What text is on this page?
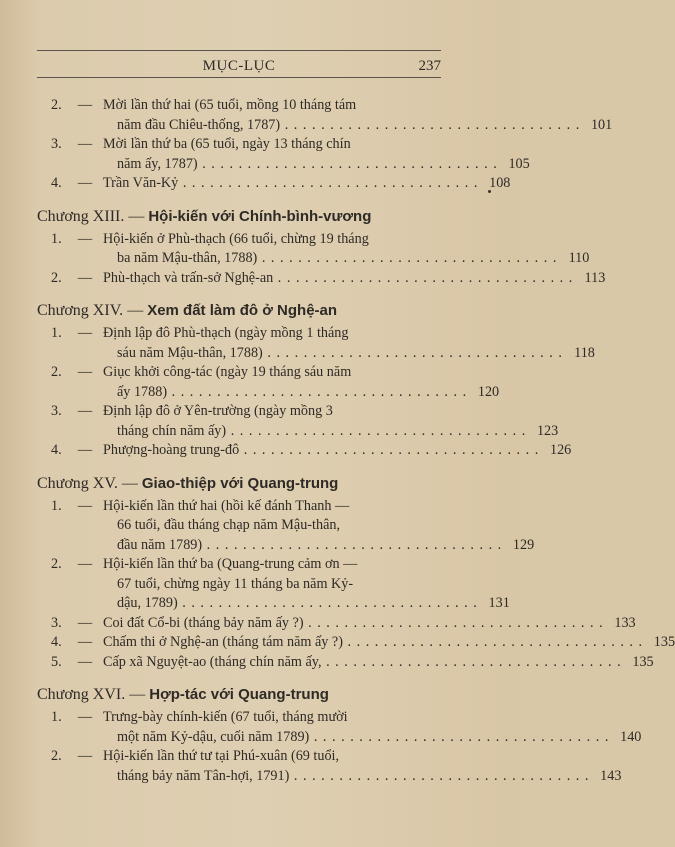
MỤC-LỤC	237
2.	— Mời lần thứ hai (65 tuổi, mồng 10 tháng tám
năm đầu Chiêu-thống, 1787) . . . . . . . . . . . . . . . . . . . . . . . . . . . . . . . . . 101
3.	— Mời lần thứ ba (65 tuổi, ngày 13 tháng chín
năm ấy, 1787) . . . . . . . . . . . . . . . . . . . . . . . . . . . . . . . . . 105
4.	— Trần Văn-Kỷ . . . . . . . . . . . . . . . . . . . . . . . . . . . . . . . . . 108
Chương XIII. — Hội-kiến với Chính-bình-vương
1.	— Hội-kiến ở Phù-thạch (66 tuổi, chừng 19 tháng
ba năm Mậu-thân, 1788) . . . . . . . . . . . . . . . . . . . . . . . . . . . . . . . . . 110
2.	— Phù-thạch và trấn-sở Nghệ-an . . . . . . . . . . . . . . . . . . . . . . . . . . . . . . . . . 113
Chương XIV. — Xem đất làm đô ở Nghệ-an
1.	— Định lập đô Phù-thạch (ngày mồng 1 tháng
sáu năm Mậu-thân, 1788) . . . . . . . . . . . . . . . . . . . . . . . . . . . . . . . . . 118
2.	— Giục khởi công-tác (ngày 19 tháng sáu năm
ấy 1788) . . . . . . . . . . . . . . . . . . . . . . . . . . . . . . . . . 120
3.	— Định lập đô ở Yên-trường (ngày mồng 3
tháng chín năm ấy) . . . . . . . . . . . . . . . . . . . . . . . . . . . . . . . . . 123
4.	— Phượng-hoàng trung-đô . . . . . . . . . . . . . . . . . . . . . . . . . . . . . . . . . 126
Chương XV. — Giao-thiệp với Quang-trung
1.	— Hội-kiến lần thứ hai (hồi kế đánh Thanh —
66 tuổi, đầu tháng chạp năm Mậu-thân,
đầu năm 1789) . . . . . . . . . . . . . . . . . . . . . . . . . . . . . . . . . 129
2.	— Hội-kiến lần thứ ba (Quang-trung cảm ơn —
67 tuổi, chừng ngày 11 tháng ba năm Kỷ-
dậu, 1789) . . . . . . . . . . . . . . . . . . . . . . . . . . . . . . . . . 131
3.	— Coi đất Cổ-bi (tháng bảy năm ấy ?) . . . . . . . . . . . . . . . . . . . . . . . . . . . . . . . . . 133
4.	— Chấm thi ở Nghệ-an (tháng tám năm ấy ?) . . . . . . . . . . . . . . . . . . . . . . . . . . . . . . . . . 135
5.	— Cấp xã Nguyệt-ao (tháng chín năm ấy, . . . . . . . . . . . . . . . . . . . . . . . . . . . . . . . . . 135
Chương XVI. — Hợp-tác với Quang-trung
1.	— Trưng-bày chính-kiến (67 tuổi, tháng mười
một năm Kỷ-dậu, cuối năm 1789) . . . . . . . . . . . . . . . . . . . . . . . . . . . . . . . . . 140
2.	— Hội-kiến lần thứ tư tại Phú-xuân (69 tuổi,
tháng bảy năm Tân-hợi, 1791) . . . . . . . . . . . . . . . . . . . . . . . . . . . . . . . . . 143
